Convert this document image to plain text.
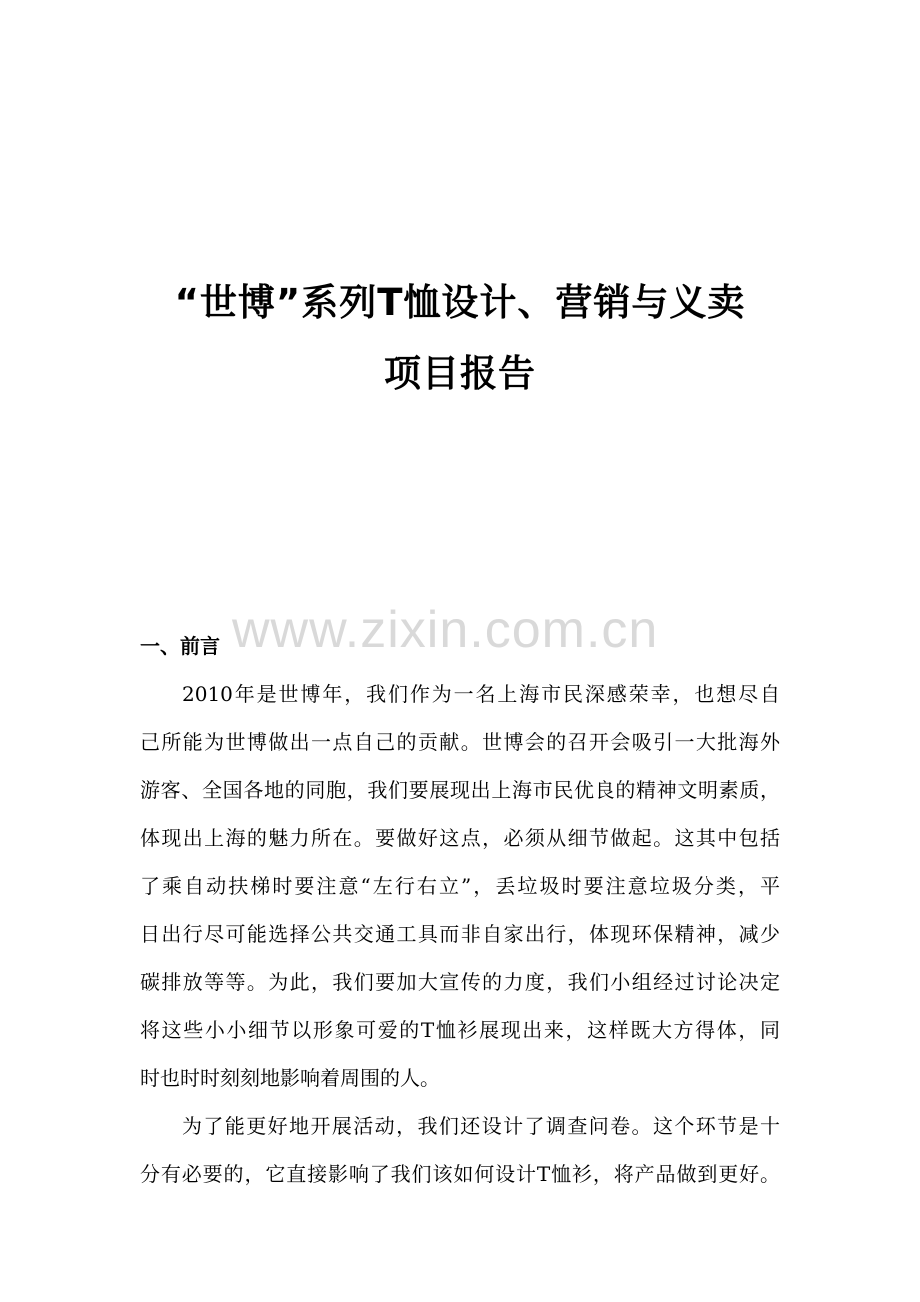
“世博”系列T恤设计、营销与义卖
项目报告
www.zixin.com.cn
一、前言
2010年是世博年，我们作为一名上海市民深感荣幸，也想尽自
己所能为世博做出一点自己的贡献。世博会的召开会吸引一大批海外
游客、全国各地的同胞，我们要展现出上海市民优良的精神文明素质，
体现出上海的魅力所在。要做好这点，必须从细节做起。这其中包括
了乘自动扶梯时要注意“左行右立”，丢垃圾时要注意垃圾分类，平
日出行尽可能选择公共交通工具而非自家出行，体现环保精神，减少
碳排放等等。为此，我们要加大宣传的力度，我们小组经过讨论决定
将这些小小细节以形象可爱的T恤衫展现出来，这样既大方得体，同
时也时时刻刻地影响着周围的人。
为了能更好地开展活动，我们还设计了调查问卷。这个环节是十
分有必要的，它直接影响了我们该如何设计T恤衫，将产品做到更好。
